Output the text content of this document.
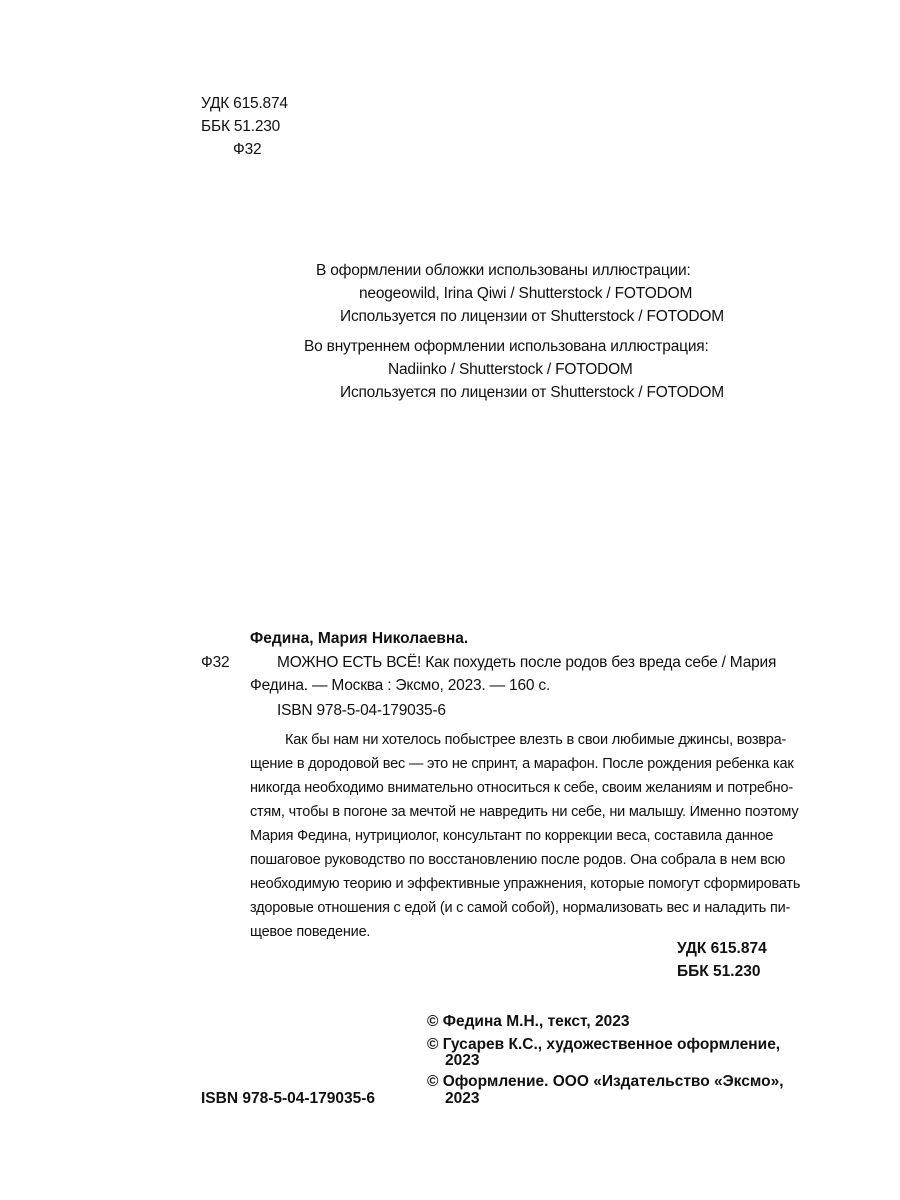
УДК 615.874
ББК 51.230
Ф32
В оформлении обложки использованы иллюстрации:
neogeowild, Irina Qiwi / Shutterstock / FOTODOM
Используется по лицензии от Shutterstock / FOTODOM
Во внутреннем оформлении использована иллюстрация:
Nadiinko / Shutterstock / FOTODOM
Используется по лицензии от Shutterstock / FOTODOM
Федина, Мария Николаевна.
Ф32	МОЖНО ЕСТЬ ВСЁ! Как похудеть после родов без вреда себе / Мария
Федина. — Москва : Эксмо, 2023. — 160 с.
ISBN 978-5-04-179035-6
Как бы нам ни хотелось побыстрее влезть в свои любимые джинсы, возвра-
щение в дородовой вес — это не спринт, а марафон. После рождения ребенка как
никогда необходимо внимательно относиться к себе, своим желаниям и потребно-
стям, чтобы в погоне за мечтой не навредить ни себе, ни малышу. Именно поэтому
Мария Федина, нутрициолог, консультант по коррекции веса, составила данное
пошаговое руководство по восстановлению после родов. Она собрала в нем всю
необходимую теорию и эффективные упражнения, которые помогут сформировать
здоровые отношения с едой (и с самой собой), нормализовать вес и наладить пи-
щевое поведение.
УДК 615.874
ББК 51.230
ISBN 978-5-04-179035-6
© Федина М.Н., текст, 2023
© Гусарев К.С., художественное оформление,
2023
© Оформление. ООО «Издательство «Эксмо»,
2023
